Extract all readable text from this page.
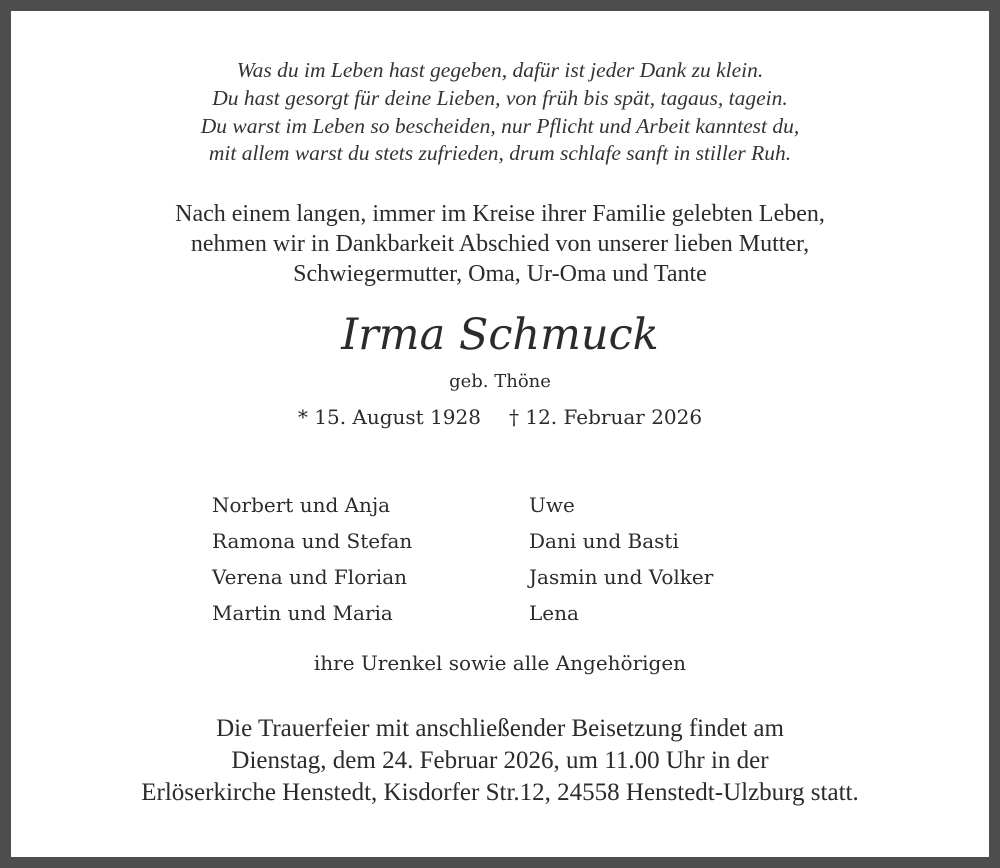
Was du im Leben hast gegeben, dafür ist jeder Dank zu klein.
Du hast gesorgt für deine Lieben, von früh bis spät, tagaus, tagein.
Du warst im Leben so bescheiden, nur Pflicht und Arbeit kanntest du,
mit allem warst du stets zufrieden, drum schlafe sanft in stiller Ruh.
Nach einem langen, immer im Kreise ihrer Familie gelebten Leben,
nehmen wir in Dankbarkeit Abschied von unserer lieben Mutter,
Schwiegermutter, Oma, Ur-Oma und Tante
Irma Schmuck
geb. Thöne
* 15. August 1928 † 12. Februar 2026
Norbert und Anja
Ramona und Stefan
Verena und Florian
Martin und Maria
Uwe
Dani und Basti
Jasmin und Volker
Lena
ihre Urenkel sowie alle Angehörigen
Die Trauerfeier mit anschließender Beisetzung findet am
Dienstag, dem 24. Februar 2026, um 11.00 Uhr in der
Erlöserkirche Henstedt, Kisdorfer Str.12, 24558 Henstedt-Ulzburg statt.
